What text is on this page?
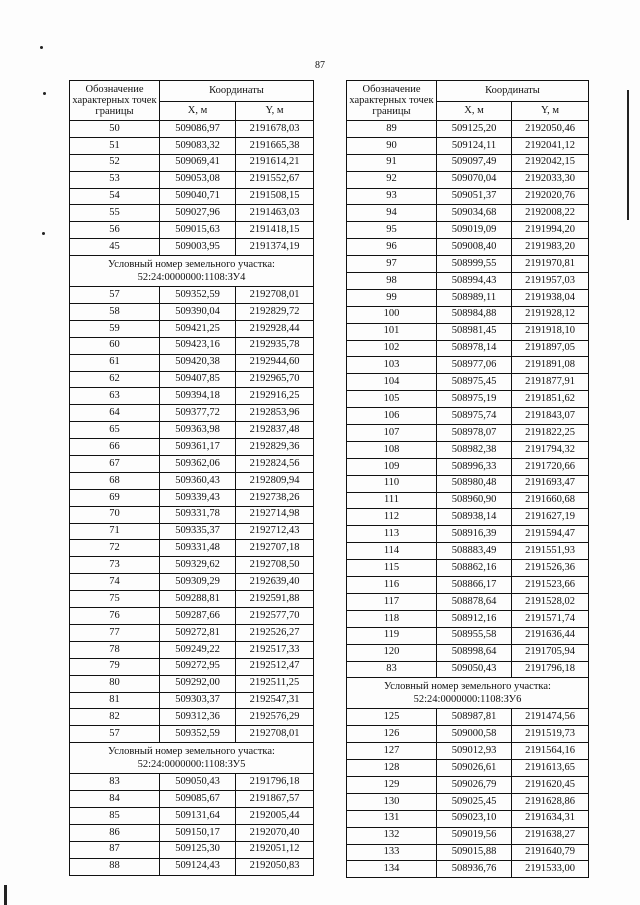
87
Обозначение характерных точек границы	Координаты	
	X, м	Y, м
50	509086,97	2191678,03
51	509083,32	2191665,38
52	509069,41	2191614,21
53	509053,08	2191552,67
54	509040,71	2191508,15
55	509027,96	2191463,03
56	509015,63	2191418,15
45	509003,95	2191374,19
Условный номер земельного участка:
52:24:0000000:1108:ЗУ4		
57	509352,59	2192708,01
58	509390,04	2192829,72
59	509421,25	2192928,44
60	509423,16	2192935,78
61	509420,38	2192944,60
62	509407,85	2192965,70
63	509394,18	2192916,25
64	509377,72	2192853,96
65	509363,98	2192837,48
66	509361,17	2192829,36
67	509362,06	2192824,56
68	509360,43	2192809,94
69	509339,43	2192738,26
70	509331,78	2192714,98
71	509335,37	2192712,43
72	509331,48	2192707,18
73	509329,62	2192708,50
74	509309,29	2192639,40
75	509288,81	2192591,88
76	509287,66	2192577,70
77	509272,81	2192526,27
78	509249,22	2192517,33
79	509272,95	2192512,47
80	509292,00	2192511,25
81	509303,37	2192547,31
82	509312,36	2192576,29
57	509352,59	2192708,01
Условный номер земельного участка:
52:24:0000000:1108:ЗУ5		
83	509050,43	2191796,18
84	509085,67	2191867,57
85	509131,64	2192005,44
86	509150,17	2192070,40
87	509125,30	2192051,12
88	509124,43	2192050,83
Обозначение характерных точек границы	Координаты	
	X, м	Y, м
89	509125,20	2192050,46
90	509124,11	2192041,12
91	509097,49	2192042,15
92	509070,04	2192033,30
93	509051,37	2192020,76
94	509034,68	2192008,22
95	509019,09	2191994,20
96	509008,40	2191983,20
97	508999,55	2191970,81
98	508994,43	2191957,03
99	508989,11	2191938,04
100	508984,88	2191928,12
101	508981,45	2191918,10
102	508978,14	2191897,05
103	508977,06	2191891,08
104	508975,45	2191877,91
105	508975,19	2191851,62
106	508975,74	2191843,07
107	508978,07	2191822,25
108	508982,38	2191794,32
109	508996,33	2191720,66
110	508980,48	2191693,47
111	508960,90	2191660,68
112	508938,14	2191627,19
113	508916,39	2191594,47
114	508883,49	2191551,93
115	508862,16	2191526,36
116	508866,17	2191523,66
117	508878,64	2191528,02
118	508912,16	2191571,74
119	508955,58	2191636,44
120	508998,64	2191705,94
83	509050,43	2191796,18
Условный номер земельного участка:
52:24:0000000:1108:ЗУ6		
125	508987,81	2191474,56
126	509000,58	2191519,73
127	509012,93	2191564,16
128	509026,61	2191613,65
129	509026,79	2191620,45
130	509025,45	2191628,86
131	509023,10	2191634,31
132	509019,56	2191638,27
133	509015,88	2191640,79
134	508936,76	2191533,00
